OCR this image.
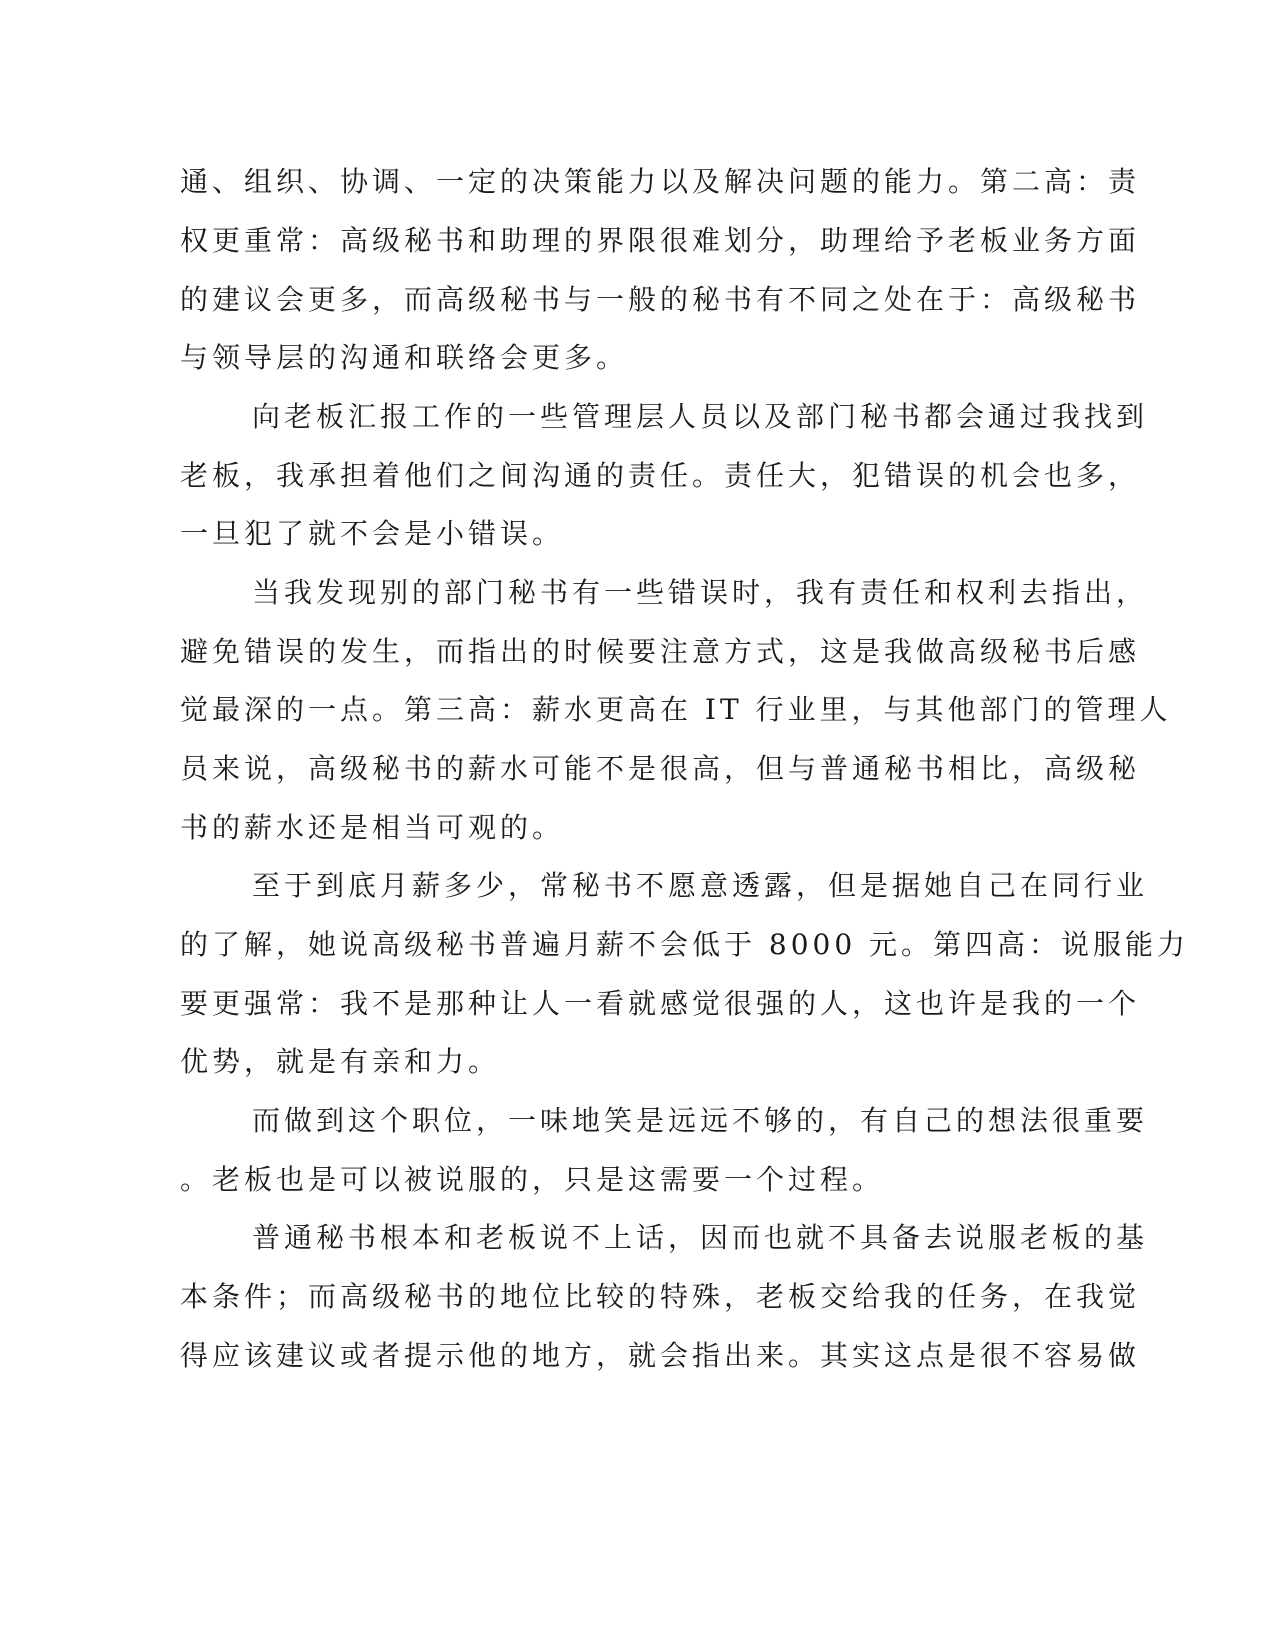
通、组织、协调、一定的决策能力以及解决问题的能力。第二高：责
权更重常：高级秘书和助理的界限很难划分，助理给予老板业务方面
的建议会更多，而高级秘书与一般的秘书有不同之处在于：高级秘书
与领导层的沟通和联络会更多。
向老板汇报工作的一些管理层人员以及部门秘书都会通过我找到
老板，我承担着他们之间沟通的责任。责任大，犯错误的机会也多，
一旦犯了就不会是小错误。
当我发现别的部门秘书有一些错误时，我有责任和权利去指出，
避免错误的发生，而指出的时候要注意方式，这是我做高级秘书后感
觉最深的一点。第三高：薪水更高在 IT 行业里，与其他部门的管理人
员来说，高级秘书的薪水可能不是很高，但与普通秘书相比，高级秘
书的薪水还是相当可观的。
至于到底月薪多少，常秘书不愿意透露，但是据她自己在同行业
的了解，她说高级秘书普遍月薪不会低于 8000 元。第四高：说服能力
要更强常：我不是那种让人一看就感觉很强的人，这也许是我的一个
优势，就是有亲和力。
而做到这个职位，一味地笑是远远不够的，有自己的想法很重要
。老板也是可以被说服的，只是这需要一个过程。
普通秘书根本和老板说不上话，因而也就不具备去说服老板的基
本条件；而高级秘书的地位比较的特殊，老板交给我的任务，在我觉
得应该建议或者提示他的地方，就会指出来。其实这点是很不容易做
